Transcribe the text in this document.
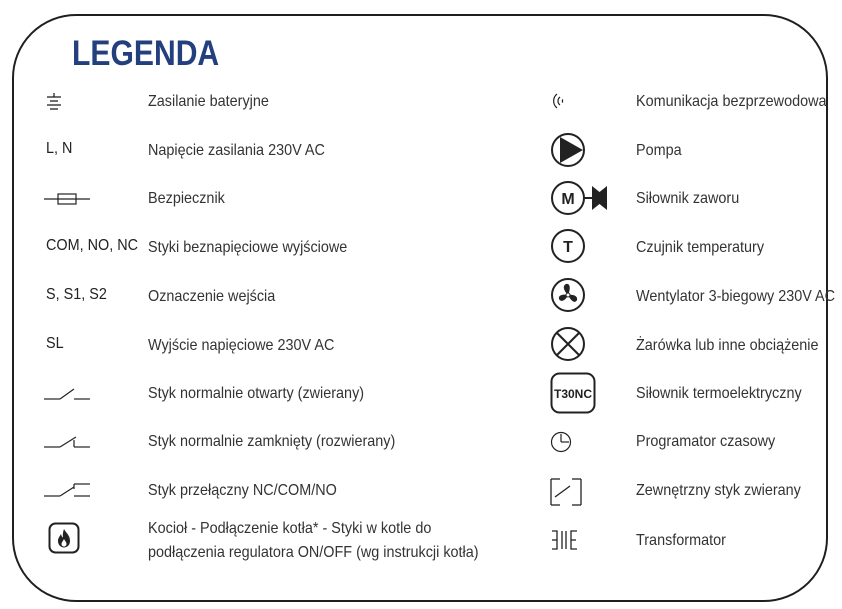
LEGENDA
Zasilanie bateryjne
L, N	Napięcie zasilania 230V AC
Bezpiecznik
COM, NO, NC Styki beznapięciowe wyjściowe
S, S1, S2	Oznaczenie wejścia
SL	Wyjście napięciowe 230V AC
Styk normalnie otwarty (zwierany)
Styk normalnie zamknięty (rozwierany)
Styk przełączny NC/COM/NO
Kocioł - Podłączenie kotła* - Styki w kotle do
podłączenia regulatora ON/OFF (wg instrukcji kotła)
Komunikacja bezprzewodowa
Pompa
M	Siłownik zaworu
T	Czujnik temperatury
Wentylator 3-biegowy 230V AC
Żarówka lub inne obciążenie
T30NC	Siłownik termoelektryczny
Programator czasowy
Zewnętrzny styk zwierany
Transformator
